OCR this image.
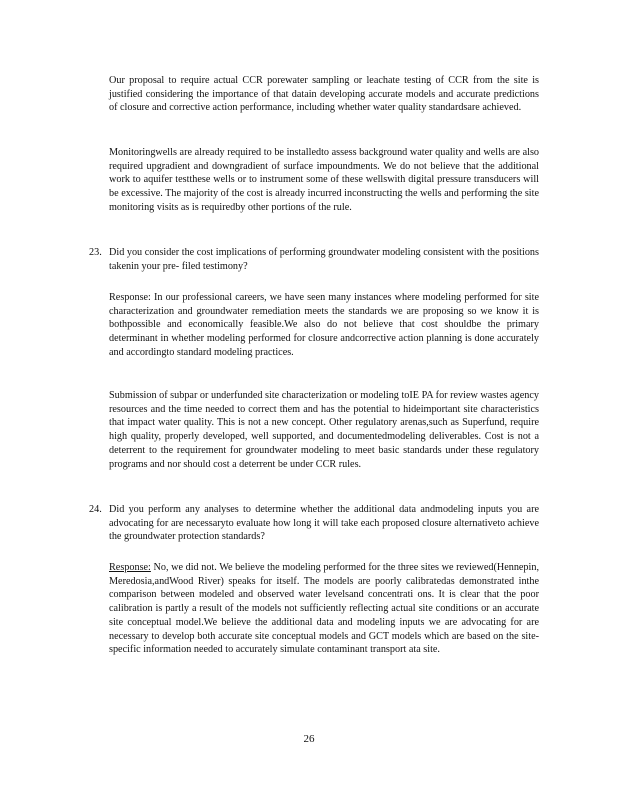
Our proposal to require actual CCR porewater sampling or leachate testing of CCR from the site is justified considering the importance of that datain developing accurate models and accurate predictions of closure and corrective action performance, including whether water quality standardsare achieved.

Monitoringwells are already required to be installedto assess background water quality and wells are also required upgradient and downgradient of surface impoundments. We do not believe that the additional work to aquifer testthese wells or to instrument some of these wellswith digital pressure transducers will be excessive. The majority of the cost is already incurred inconstructing the wells and performing the site monitoring visits as is requiredby other portions of the rule.

23. Did you consider the cost implications of performing groundwater modeling consistent with the positions takenin your pre- filed testimony?

Response: In our professional careers, we have seen many instances where modeling performed for site characterization and groundwater remediation meets the standards we are proposing so we know it is bothpossible and economically feasible.We also do not believe that cost shouldbe the primary determinant in whether modeling performed for closure andcorrective action planning is done accurately and accordingto standard modeling practices.

Submission of subpar or underfunded site characterization or modeling toIE PA for review wastes agency resources and the time needed to correct them and has the potential to hideimportant site characteristics that impact water quality. This is not a new concept. Other regulatory arenas,such as Superfund, require high quality, properly developed, well supported, and documentedmodeling deliverables. Cost is not a deterrent to the requirement for groundwater modeling to meet basic standards under these regulatory programs and nor should cost a deterrent be under CCR rules.

24. Did you perform any analyses to determine whether the additional data andmodeling inputs you are advocating for are necessaryto evaluate how long it will take each proposed closure alternativeto achieve the groundwater protection standards?

Response: No, we did not. We believe the modeling performed for the three sites we reviewed(Hennepin, Meredosia,andWood River) speaks for itself. The models are poorly calibratedas demonstrated inthe comparison between modeled and observed water levelsand concentrati ons. It is clear that the poor calibration is partly a result of the models not sufficiently reflecting actual site conditions or an accurate site conceptual model.We believe the additional data and modeling inputs we are advocating for are necessary to develop both accurate site conceptual models and GCT models which are based on the site-specific information needed to accurately simulate contaminant transport ata site.

26
